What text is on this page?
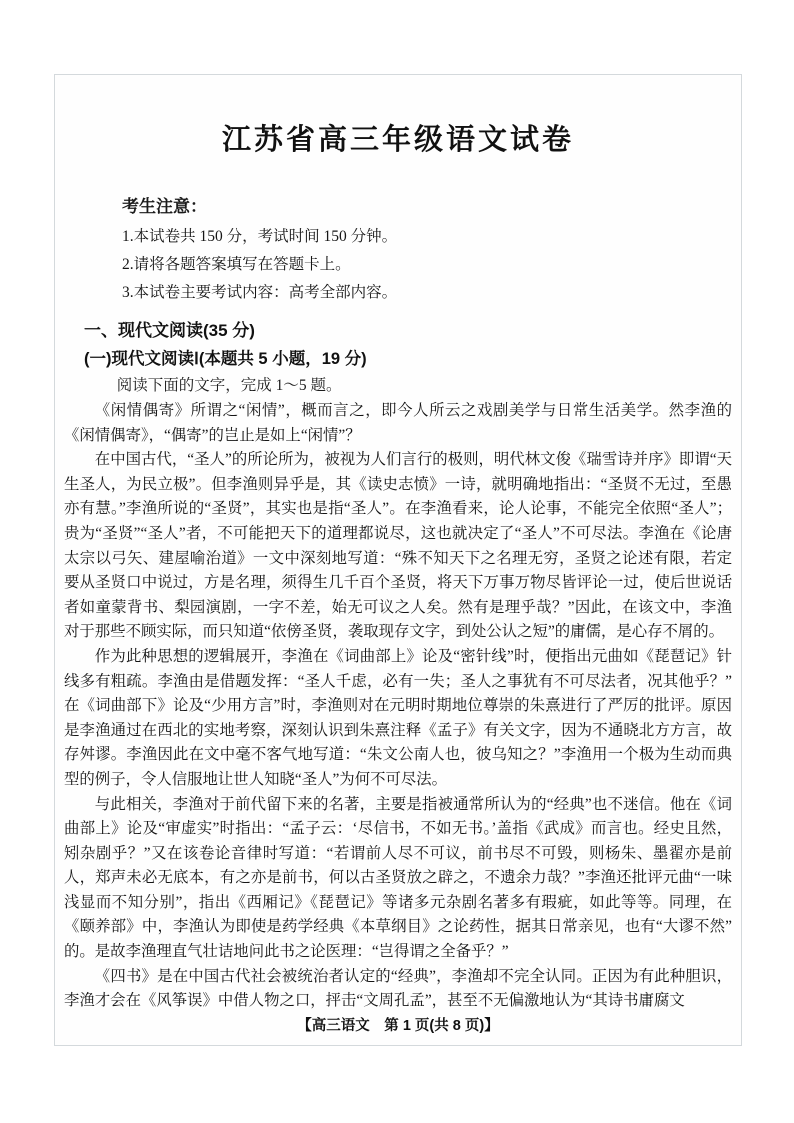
江苏省高三年级语文试卷
考生注意：
1.本试卷共 150 分，考试时间 150 分钟。
2.请将各题答案填写在答题卡上。
3.本试卷主要考试内容：高考全部内容。
一、现代文阅读(35 分)
(一)现代文阅读Ⅰ(本题共 5 小题，19 分)

阅读下面的文字，完成 1～5 题。

《闲情偶寄》所谓之“闲情”，概而言之，即今人所云之戏剧美学与日常生活美学。然李渔的《闲情偶寄》，“偶寄”的岂止是如上“闲情”？

在中国古代，“圣人”的所论所为，被视为人们言行的极则，明代林文俊《瑞雪诗并序》即谓“天生圣人，为民立极”。但李渔则异乎是，其《读史志愤》一诗，就明确地指出：“圣贤不无过，至愚亦有慧。”李渔所说的“圣贤”，其实也是指“圣人”。在李渔看来，论人论事，不能完全依照“圣人”；贵为“圣贤”“圣人”者，不可能把天下的道理都说尽，这也就决定了“圣人”不可尽法。李渔在《论唐太宗以弓矢、建屋喻治道》一文中深刻地写道：“殊不知天下之名理无穷，圣贤之论述有限，若定要从圣贤口中说过，方是名理，须得生几千百个圣贤，将天下万事万物尽皆评论一过，使后世说话者如童蒙背书、梨园演剧，一字不差，始无可议之人矣。然有是理乎哉？”因此，在该文中，李渔对于那些不顾实际，而只知道“依傍圣贤，袭取现存文字，到处公认之短”的庸儒，是心存不屑的。

作为此种思想的逻辑展开，李渔在《词曲部上》论及“密针线”时，便指出元曲如《琵琶记》针线多有粗疏。李渔由是借题发挥：“圣人千虑，必有一失；圣人之事犹有不可尽法者，况其他乎？”在《词曲部下》论及“少用方言”时，李渔则对在元明时期地位尊崇的朱熹进行了严厉的批评。原因是李渔通过在西北的实地考察，深刻认识到朱熹注释《孟子》有关文字，因为不通晓北方方言，故存舛谬。李渔因此在文中毫不客气地写道：“朱文公南人也，彼乌知之？”李渔用一个极为生动而典型的例子，令人信服地让世人知晓“圣人”为何不可尽法。

与此相关，李渔对于前代留下来的名著，主要是指被通常所认为的“经典”也不迷信。他在《词曲部上》论及“审虚实”时指出：“孟子云：‘尽信书，不如无书。’盖指《武成》而言也。经史且然，矧杂剧乎？”又在该卷论音律时写道：“若谓前人尽不可议，前书尽不可毁，则杨朱、墨翟亦是前人，郑声未必无底本，有之亦是前书，何以古圣贤放之辟之，不遗余力哉？”李渔还批评元曲“一味浅显而不知分别”，指出《西厢记》《琵琶记》等诸多元杂剧名著多有瑕疵，如此等等。同理，在《颐养部》中，李渔认为即使是药学经典《本草纲目》之论药性，据其日常亲见，也有“大谬不然”的。是故李渔理直气壮诘地问此书之论医理：“岂得谓之全备乎？”

《四书》是在中国古代社会被统治者认定的“经典”，李渔却不完全认同。正因为有此种胆识，李渔才会在《风筝误》中借人物之口，抨击“文周孔孟”，甚至不无偏激地认为“其诗书庸腐文

【高三语文　第 1 页(共 8 页)】
